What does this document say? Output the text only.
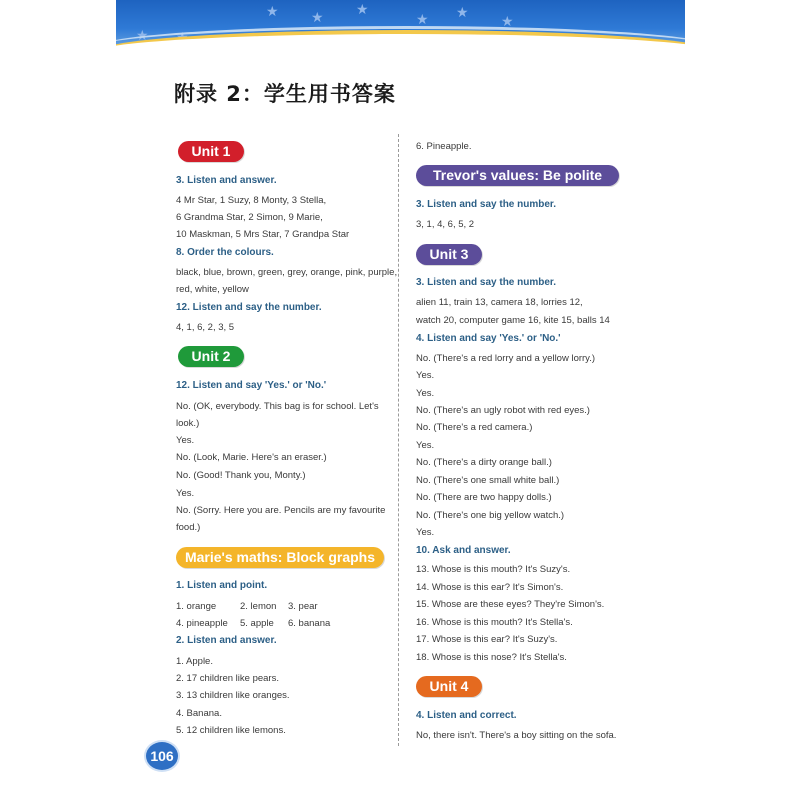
★ ★ ★
★ ★
★
★
附录 2：学生用书答案
Unit 1
3. Listen and answer.
4 Mr Star, 1 Suzy, 8 Monty, 3 Stella,
6 Grandma Star, 2 Simon, 9 Marie,
10 Maskman, 5 Mrs Star, 7 Grandpa Star
8. Order the colours.
black, blue, brown, green, grey, orange, pink, purple,
red, white, yellow
12. Listen and say the number.
4, 1, 6, 2, 3, 5
Unit 2
12. Listen and say 'Yes.' or 'No.'
No. (OK, everybody. This bag is for school. Let's
look.)
Yes.
No. (Look, Marie. Here's an eraser.)
No. (Good! Thank you, Monty.)
Yes.
No. (Sorry. Here you are. Pencils are my favourite
food.)
Marie's maths: Block graphs
1. Listen and point.
1. orange	2. lemon 3. pear
4. pineapple 5. apple 6. banana
2. Listen and answer.
1. Apple.
2. 17 children like pears.
3. 13 children like oranges.
4. Banana.
5. 12 children like lemons.
6. Pineapple.
Trevor's values: Be polite
3. Listen and say the number.
3, 1, 4, 6, 5, 2
Unit 3
3. Listen and say the number.
alien 11, train 13, camera 18, lorries 12,
watch 20, computer game 16, kite 15, balls 14
4. Listen and say 'Yes.' or 'No.'
No. (There's a red lorry and a yellow lorry.)
Yes.
Yes.
No. (There's an ugly robot with red eyes.)
No. (There's a red camera.)
Yes.
No. (There's a dirty orange ball.)
No. (There's one small white ball.)
No. (There are two happy dolls.)
No. (There's one big yellow watch.)
Yes.
10. Ask and answer.
13. Whose is this mouth? It's Suzy's.
14. Whose is this ear? It's Simon's.
15. Whose are these eyes? They're Simon's.
16. Whose is this mouth? It's Stella's.
17. Whose is this ear? It's Suzy's.
18. Whose is this nose? It's Stella's.
Unit 4
4. Listen and correct.
No, there isn't. There's a boy sitting on the sofa.
106
